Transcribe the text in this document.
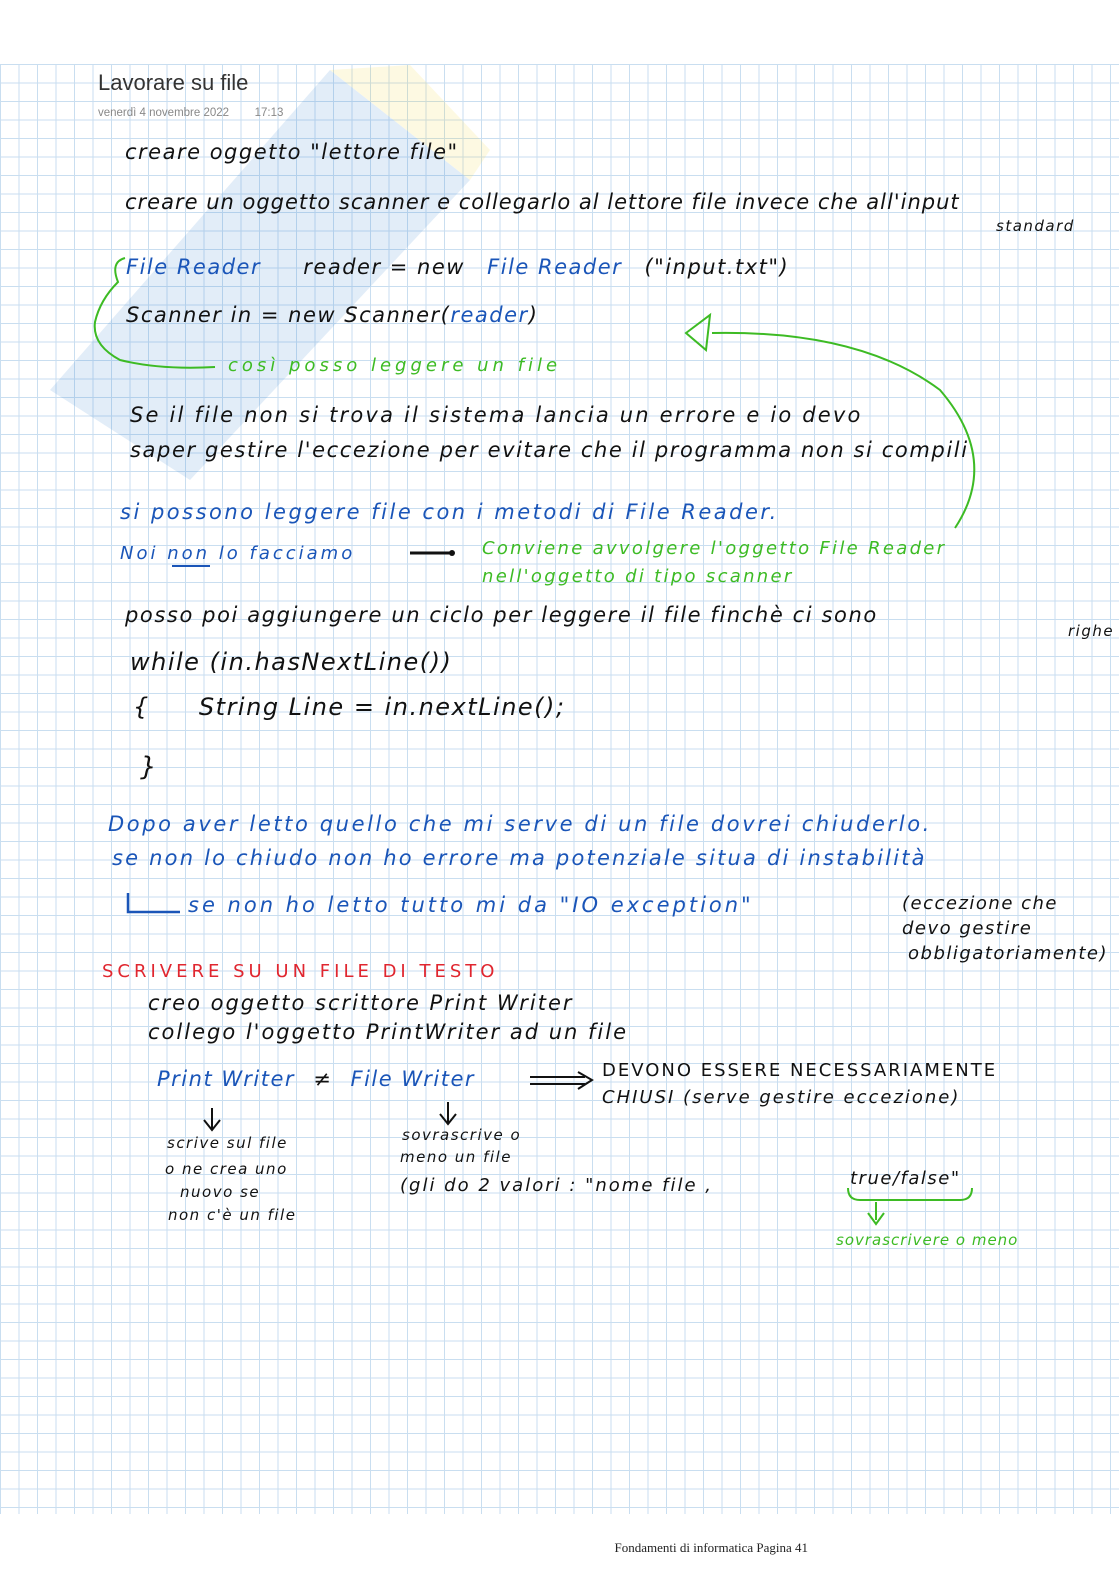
Lavorare su file
venerdì 4 novembre 2022 17:13
creare oggetto "lettore file"
creare un oggetto scanner e collegarlo al lettore file invece che all'input
standard
File Reader reader = new File Reader ("input.txt")
Scanner in = new Scanner(reader)
così posso leggere un file
Se il file non si trova il sistema lancia un errore e io devo
saper gestire l'eccezione per evitare che il programma non si compili
si possono leggere file con i metodi di File Reader.
Noi non lo facciamo	Conviene avvolgere l'oggetto File Reader
nell'oggetto di tipo scanner
posso poi aggiungere un ciclo per leggere il file finchè ci sono
righe
while (in.hasNextLine())
{ String Line = in.nextLine();
}
Dopo aver letto quello che mi serve di un file dovrei chiuderlo.
se non lo chiudo non ho errore ma potenziale situa di instabilità
se non ho letto tutto mi da "IO exception"	(eccezione che
devo gestire
obbligatoriamente)
SCRIVERE SU UN FILE DI TESTO
creo oggetto scrittore Print Writer
collego l'oggetto PrintWriter ad un file
Print Writer ≠ File Writer	DEVONO ESSERE NECESSARIAMENTE
CHIUSI (serve gestire eccezione)
scrive sul file
o ne crea uno
nuovo se
non c'è un file
sovrascrive o
meno un file
(gli do 2 valori : "nome file ,	true/false"
sovrascrivere o meno
Fondamenti di informatica Pagina 41
